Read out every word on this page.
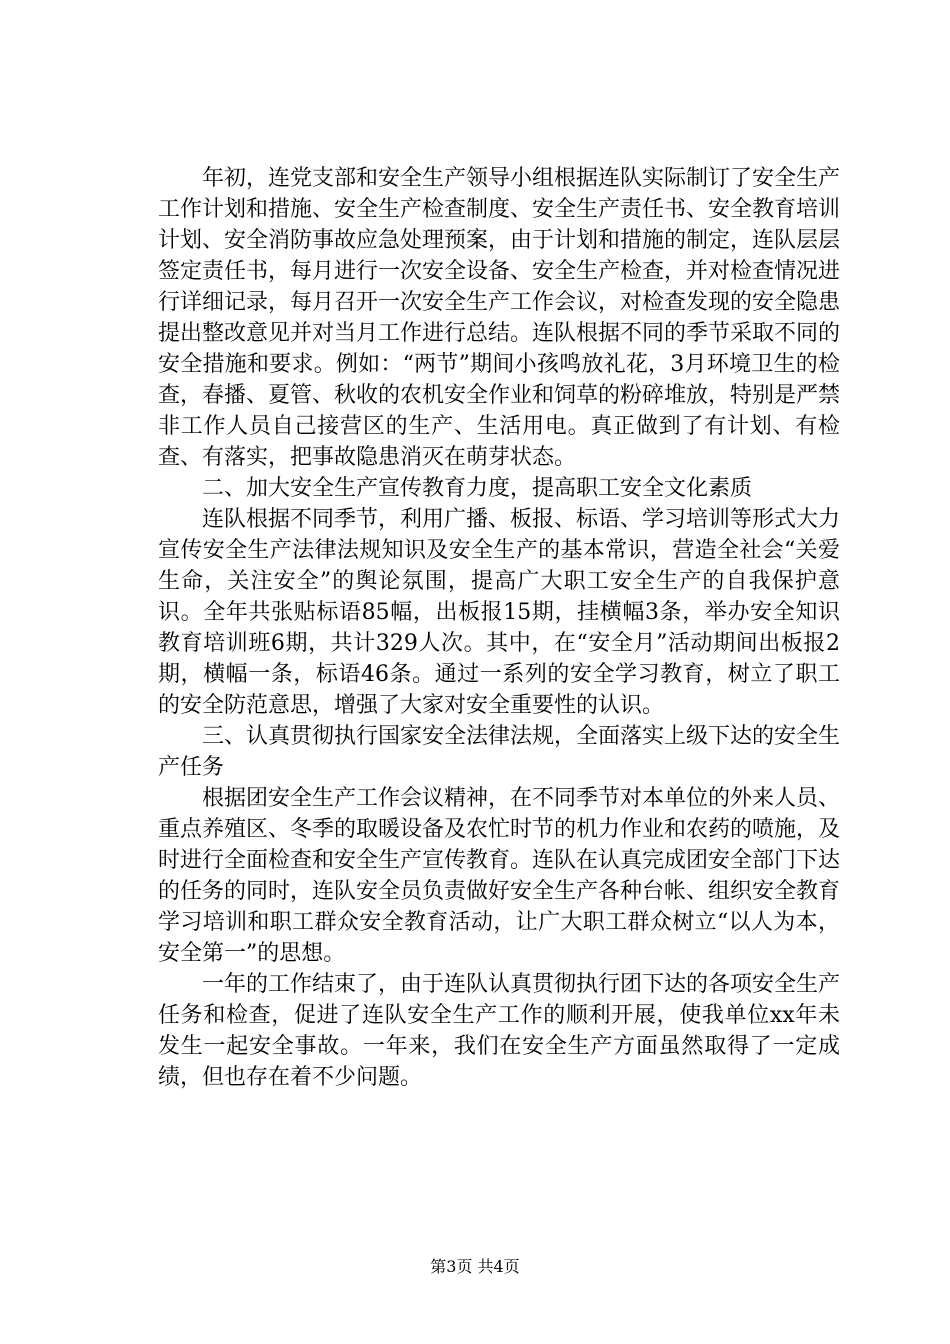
年初，连党支部和安全生产领导小组根据连队实际制订了安全生产工作计划和措施、安全生产检查制度、安全生产责任书、安全教育培训计划、安全消防事故应急处理预案，由于计划和措施的制定，连队层层签定责任书，每月进行一次安全设备、安全生产检查，并对检查情况进行详细记录，每月召开一次安全生产工作会议，对检查发现的安全隐患提出整改意见并对当月工作进行总结。连队根据不同的季节采取不同的安全措施和要求。例如：“两节”期间小孩鸣放礼花，3月环境卫生的检查，春播、夏管、秋收的农机安全作业和饲草的粉碎堆放，特别是严禁非工作人员自己接营区的生产、生活用电。真正做到了有计划、有检查、有落实，把事故隐患消灭在萌芽状态。

二、加大安全生产宣传教育力度，提高职工安全文化素质

连队根据不同季节，利用广播、板报、标语、学习培训等形式大力宣传安全生产法律法规知识及安全生产的基本常识，营造全社会“关爱生命，关注安全”的舆论氛围，提高广大职工安全生产的自我保护意识。全年共张贴标语85幅，出板报15期，挂横幅3条，举办安全知识教育培训班6期，共计329人次。其中，在“安全月”活动期间出板报2期，横幅一条，标语46条。通过一系列的安全学习教育，树立了职工的安全防范意思，增强了大家对安全重要性的认识。

三、认真贯彻执行国家安全法律法规，全面落实上级下达的安全生产任务

根据团安全生产工作会议精神，在不同季节对本单位的外来人员、重点养殖区、冬季的取暖设备及农忙时节的机力作业和农药的喷施，及时进行全面检查和安全生产宣传教育。连队在认真完成团安全部门下达的任务的同时，连队安全员负责做好安全生产各种台帐、组织安全教育学习培训和职工群众安全教育活动，让广大职工群众树立“以人为本，安全第一”的思想。

一年的工作结束了，由于连队认真贯彻执行团下达的各项安全生产任务和检查，促进了连队安全生产工作的顺利开展，使我单位xx年未发生一起安全事故。一年来，我们在安全生产方面虽然取得了一定成绩，但也存在着不少问题。

第3页 共4页
